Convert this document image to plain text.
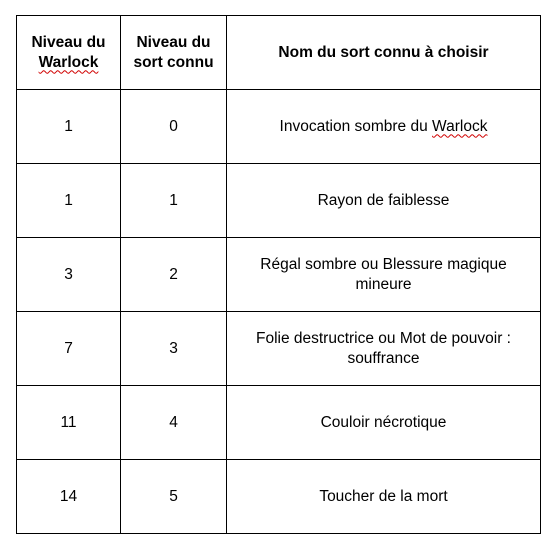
Niveau du
Warlock	Niveau du sort connu	Nom du sort connu à choisir
1	0	Invocation sombre du Warlock
1	1	Rayon de faiblesse
3	2	Régal sombre ou Blessure magique mineure
7	3	Folie destructrice ou Mot de pouvoir : souffrance
11	4	Couloir nécrotique
14	5	Toucher de la mort
